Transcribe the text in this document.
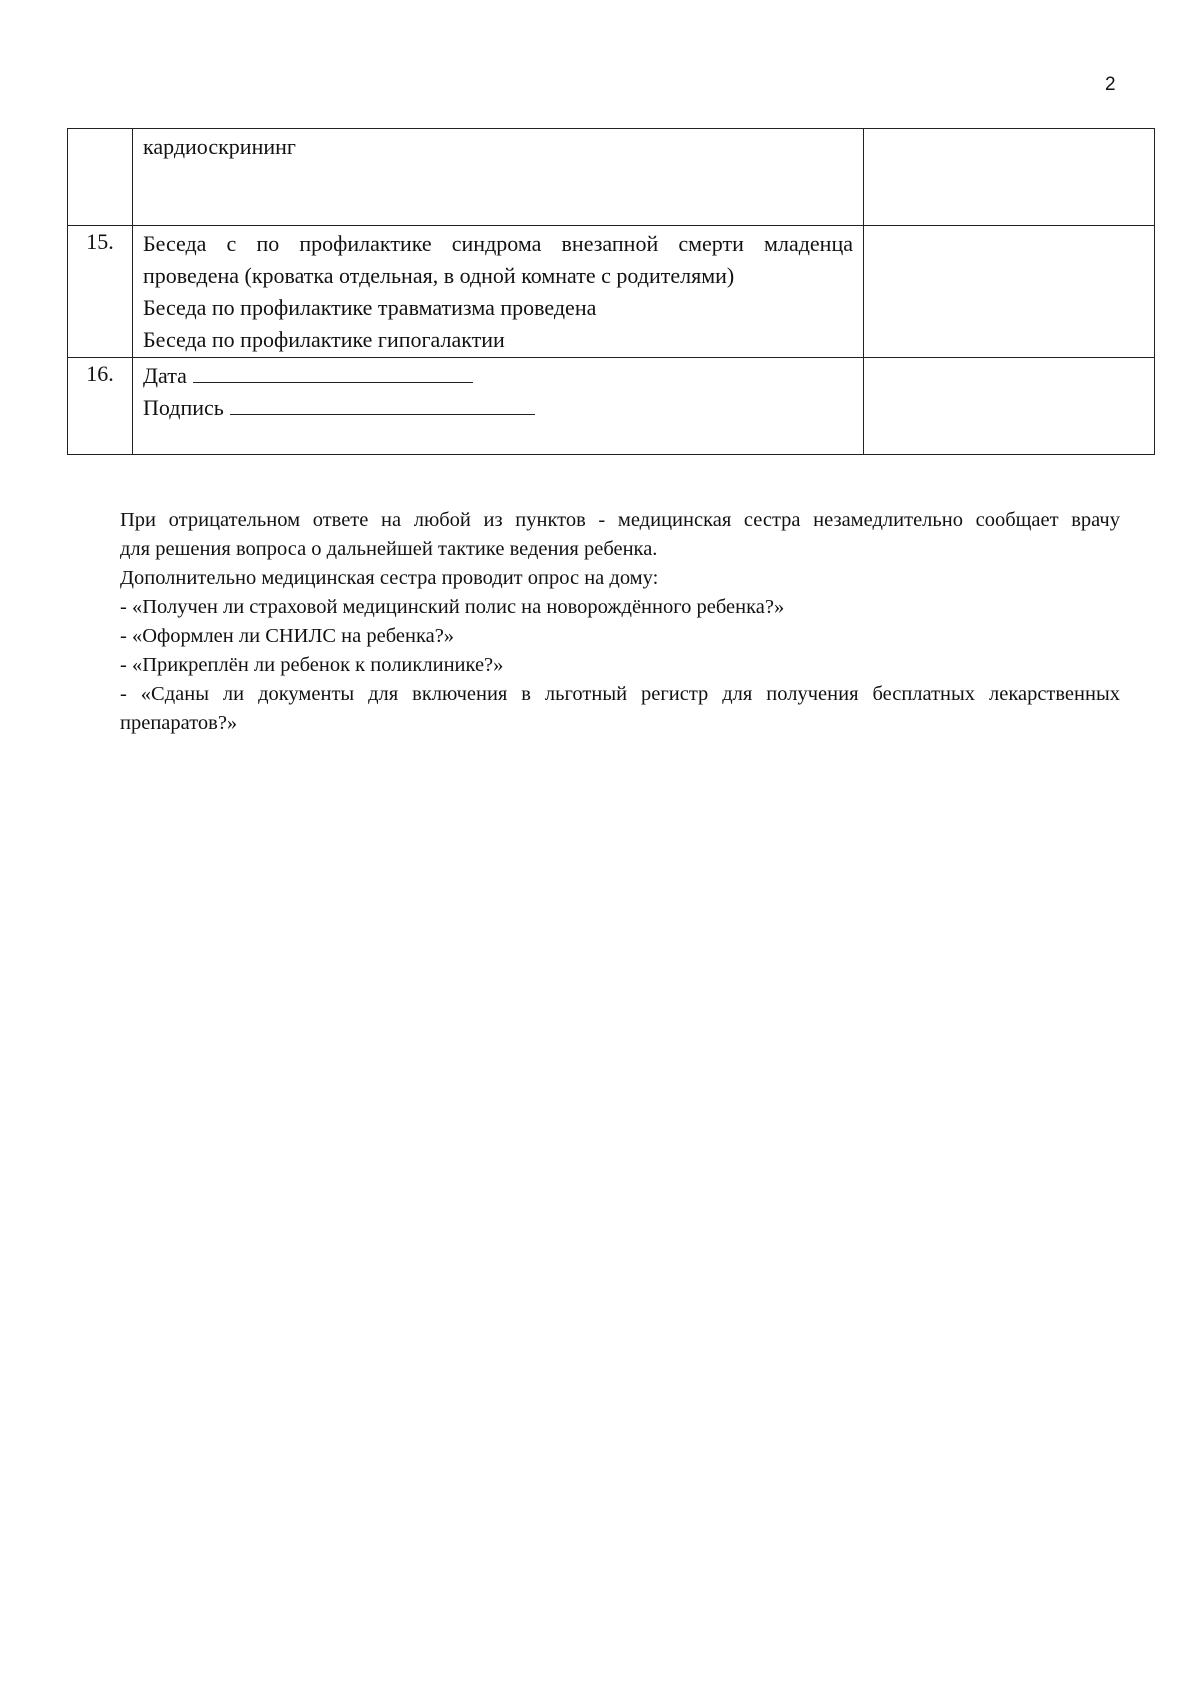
2

	кардиоскрининг	

15.	Беседа с по профилактике синдрома внезапной смерти младенца
проведена (кроватка отдельная, в одной комнате с родителями)
Беседа по профилактике травматизма проведена
Беседа по профилактике гипогалактии	

16.	Дата
Подпись	

При отрицательном ответе на любой из пунктов - медицинская сестра незамедлительно сообщает врачу

для решения вопроса о дальнейшей тактике ведения ребенка.

Дополнительно медицинская сестра проводит опрос на дому:

- «Получен ли страховой медицинский полис на новорождённого ребенка?»

- «Оформлен ли СНИЛС на ребенка?»

- «Прикреплён ли ребенок к поликлинике?»

- «Сданы ли документы для включения в льготный регистр для получения бесплатных лекарственных

препаратов?»
